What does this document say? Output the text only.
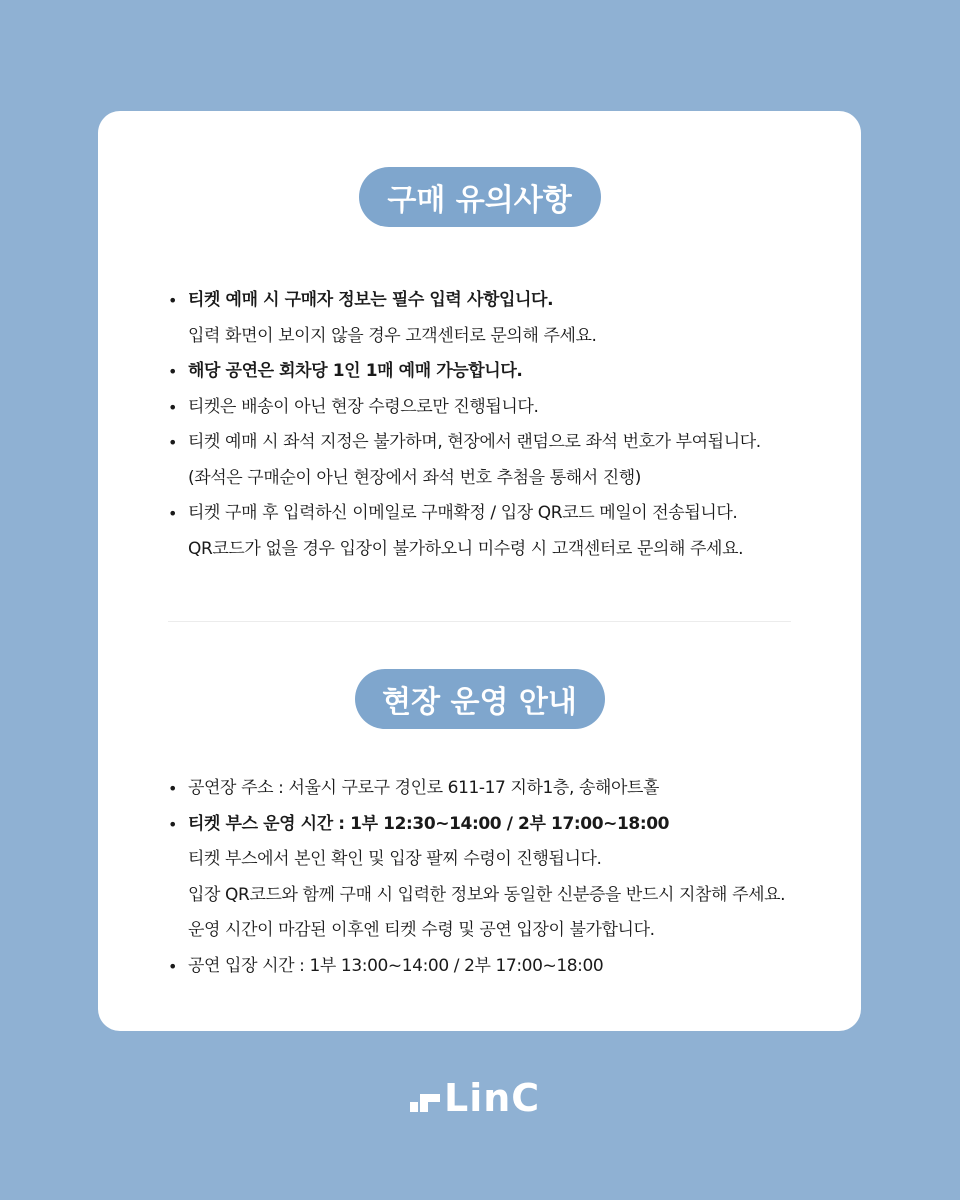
구매 유의사항
• 티켓 예매 시 구매자 정보는 필수 입력 사항입니다.
입력 화면이 보이지 않을 경우 고객센터로 문의해 주세요.
• 해당 공연은 회차당 1인 1매 예매 가능합니다.
• 티켓은 배송이 아닌 현장 수령으로만 진행됩니다.
• 티켓 예매 시 좌석 지정은 불가하며, 현장에서 랜덤으로 좌석 번호가 부여됩니다.
(좌석은 구매순이 아닌 현장에서 좌석 번호 추첨을 통해서 진행)
• 티켓 구매 후 입력하신 이메일로 구매확정 / 입장 QR코드 메일이 전송됩니다.
QR코드가 없을 경우 입장이 불가하오니 미수령 시 고객센터로 문의해 주세요.
현장 운영 안내
• 공연장 주소 : 서울시 구로구 경인로 611-17 지하1층, 송해아트홀
• 티켓 부스 운영 시간 : 1부 12:30~14:00 / 2부 17:00~18:00
티켓 부스에서 본인 확인 및 입장 팔찌 수령이 진행됩니다.
입장 QR코드와 함께 구매 시 입력한 정보와 동일한 신분증을 반드시 지참해 주세요.
운영 시간이 마감된 이후엔 티켓 수령 및 공연 입장이 불가합니다.
• 공연 입장 시간 : 1부 13:00~14:00 / 2부 17:00~18:00
LinC
